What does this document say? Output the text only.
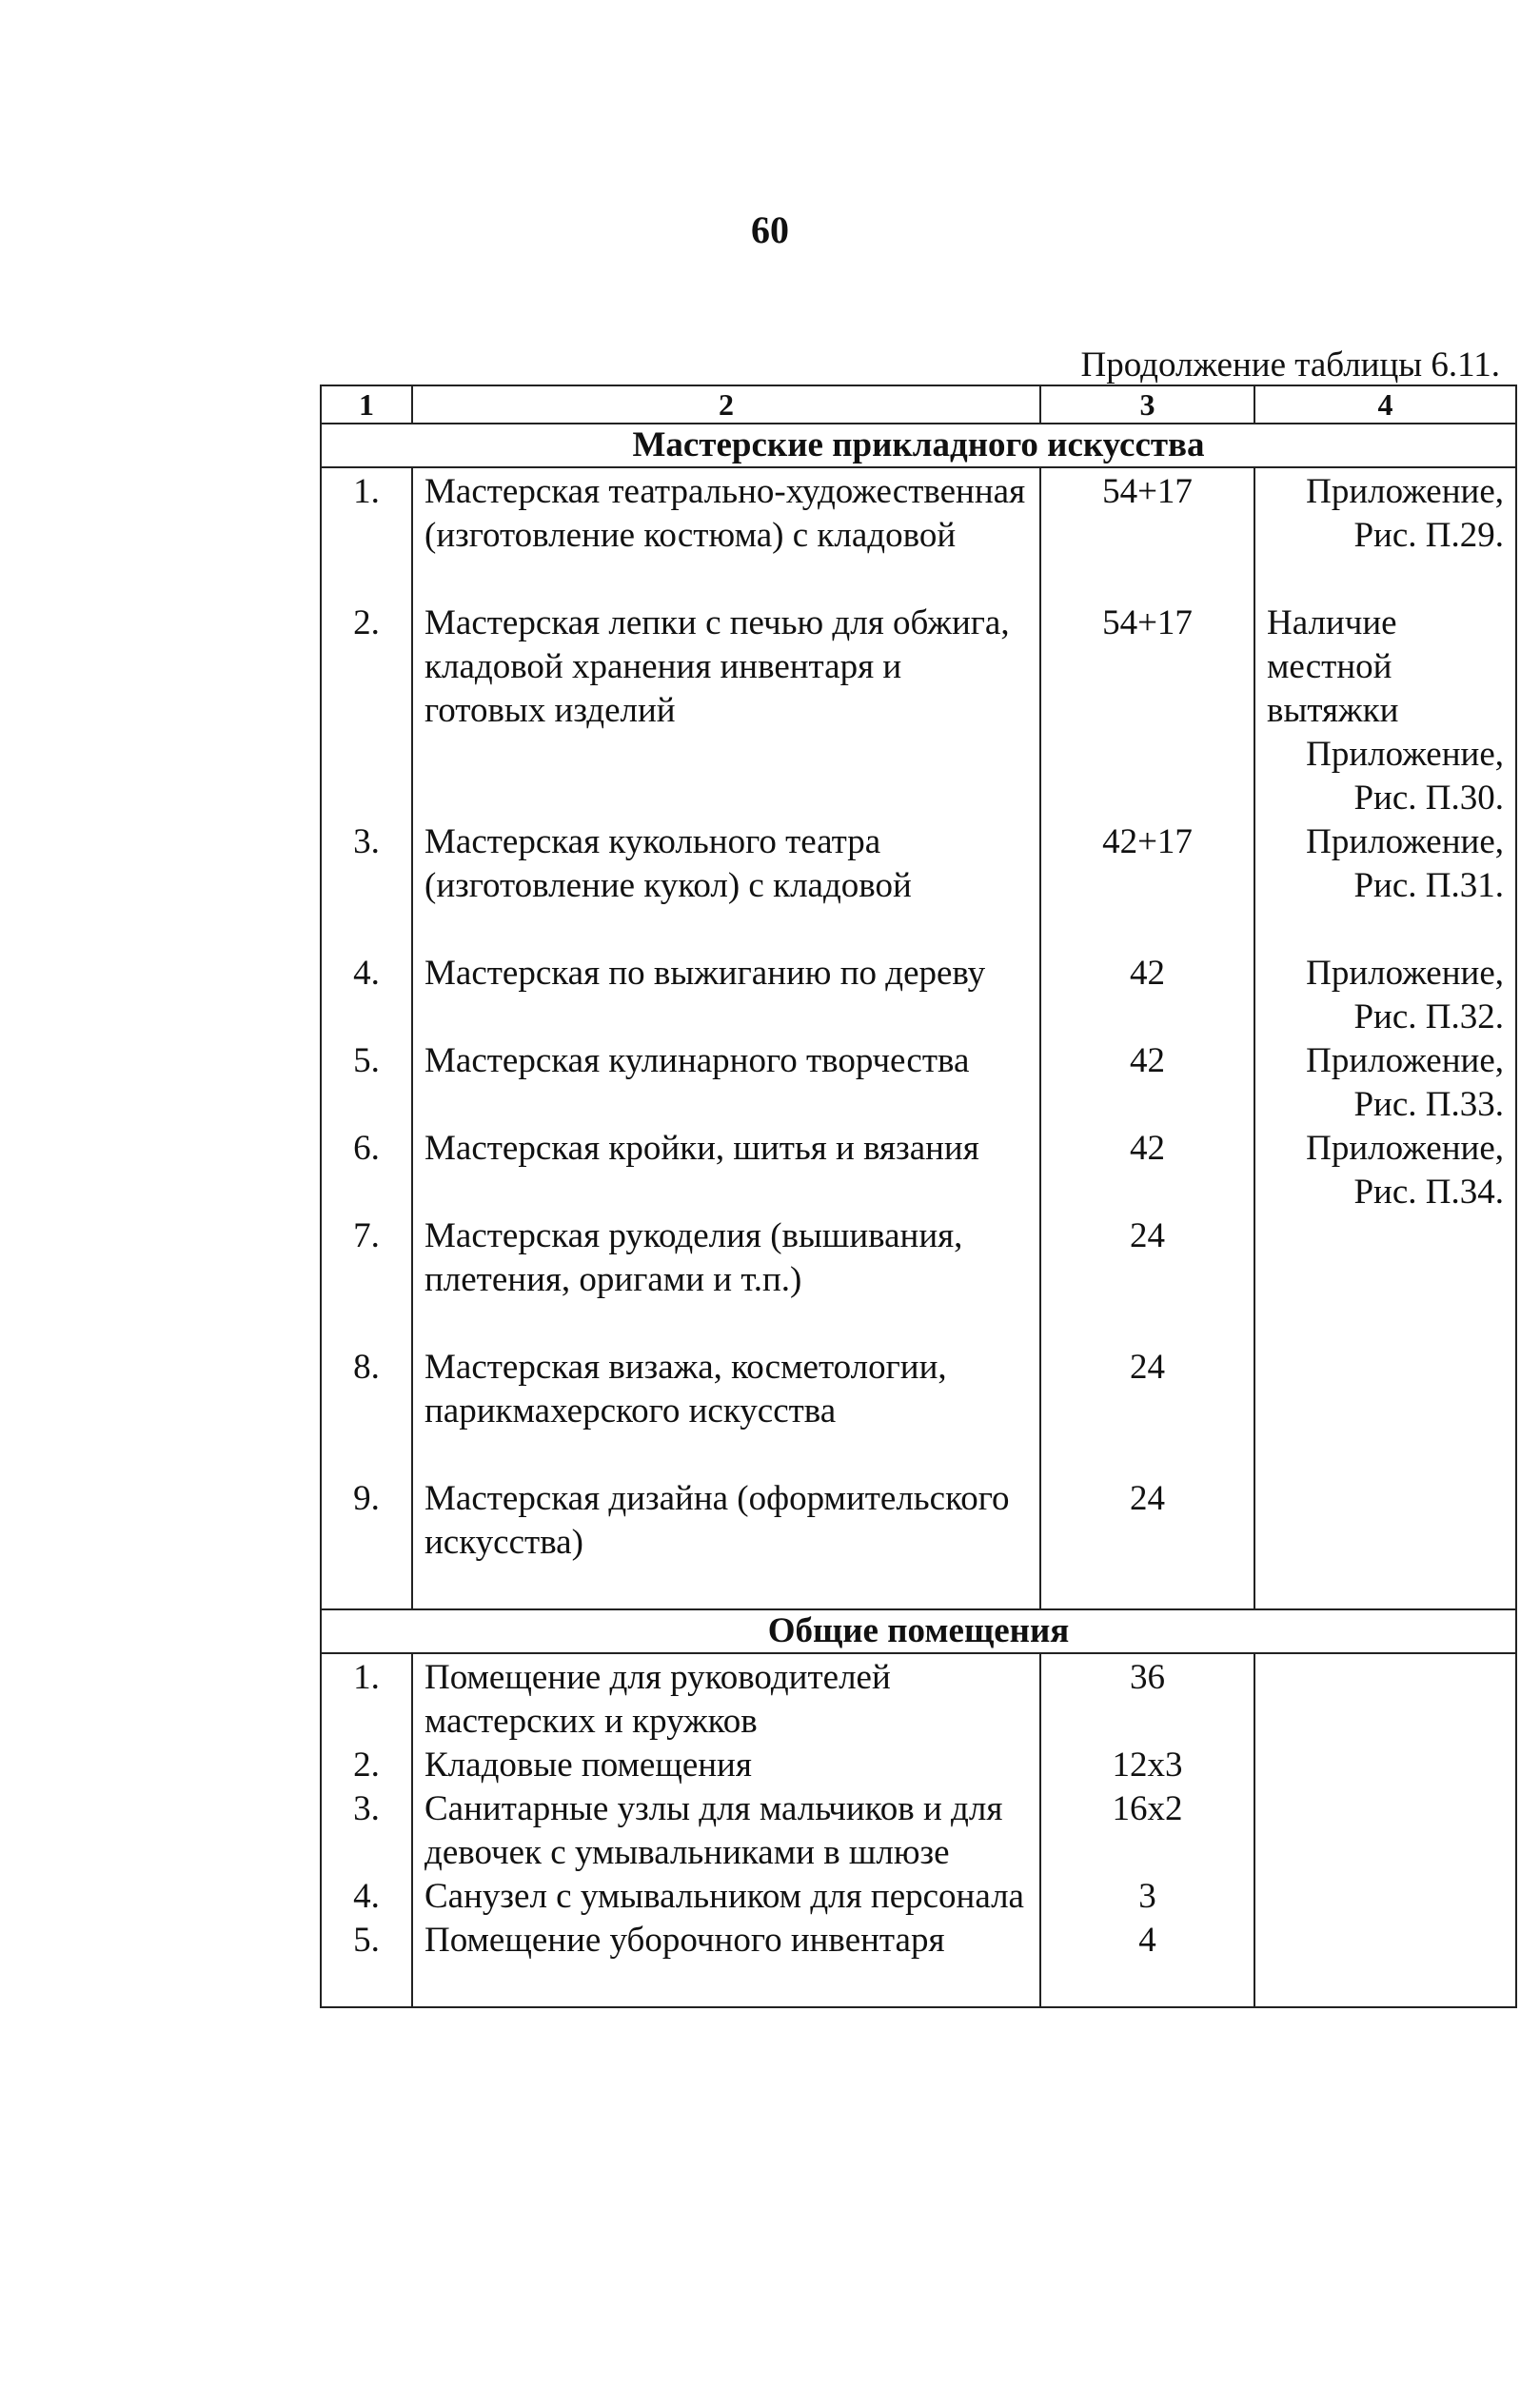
60
Продолжение таблицы 6.11.
1	2	3	4
Мастерские прикладного искусства			
1.	Мастерская театрально-художественная (изготовление костюма) с кладовой	54+17	Приложение,
Рис. П.29.

2.	Мастерская лепки с печью для обжига, кладовой хранения инвентаря и готовых изделий	54+17	Наличие местной вытяжки
Приложение,
Рис. П.30.

3.	Мастерская кукольного театра (изготовление кукол) с кладовой	42+17	Приложение,
Рис. П.31.

4.	Мастерская по выжиганию по дереву	42	Приложение,
Рис. П.32.

5.	Мастерская кулинарного творчества	42	Приложение,
Рис. П.33.

6.	Мастерская кройки, шитья и вязания	42	Приложение,
Рис. П.34.

7.	Мастерская рукоделия (вышивания, плетения, оригами и т.п.)	24	
8.	Мастерская визажа, косметологии, парикмахерского искусства	24	
9.	Мастерская дизайна (оформительского искусства)	24	
Общие помещения			
1.	Помещение для руководителей мастерских и кружков	36	
2.	Кладовые помещения	12х3	
3.	Санитарные узлы для мальчиков и для девочек с умывальниками в шлюзе	16х2	
4.	Санузел с умывальником для персонала	3	
5.	Помещение уборочного инвентаря	4	
